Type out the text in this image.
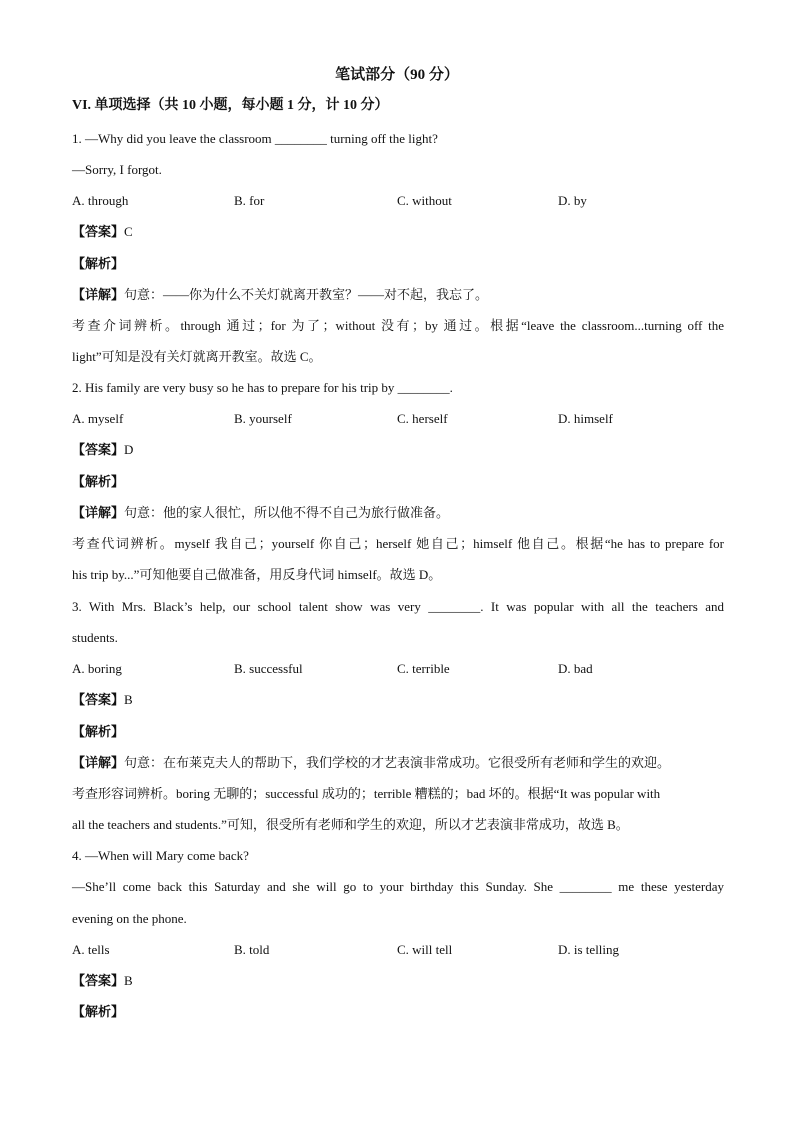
笔试部分（90 分）
VI. 单项选择（共 10 小题，每小题 1 分，计 10 分）
1. —Why did you leave the classroom ________ turning off the light?
—Sorry, I forgot.
A. through	B. for	C. without	D. by
【答案】C
【解析】
【详解】句意：——你为什么不关灯就离开教室？——对不起，我忘了。
考查介词辨析。through 通过；for 为了；without 没有；by 通过。根据“leave the classroom...turning off the
light”可知是没有关灯就离开教室。故选 C。
2. His family are very busy so he has to prepare for his trip by ________.
A. myself	B. yourself	C. herself	D. himself
【答案】D
【解析】
【详解】句意：他的家人很忙，所以他不得不自己为旅行做准备。
考查代词辨析。myself 我自己；yourself 你自己；herself 她自己；himself 他自己。根据“he has to prepare for
his trip by...”可知他要自己做准备，用反身代词 himself。故选 D。
3. With Mrs. Black’s help, our school talent show was very ________. It was popular with all the teachers and
students.
A. boring	B. successful	C. terrible	D. bad
【答案】B
【解析】
【详解】句意：在布莱克夫人的帮助下，我们学校的才艺表演非常成功。它很受所有老师和学生的欢迎。
考查形容词辨析。boring 无聊的；successful 成功的；terrible 糟糕的；bad 坏的。根据“It was popular with
all the teachers and students.”可知，很受所有老师和学生的欢迎，所以才艺表演非常成功，故选 B。
4. —When will Mary come back?
—She’ll come back this Saturday and she will go to your birthday this Sunday. She ________ me these yesterday
evening on the phone.
A. tells	B. told	C. will tell	D. is telling
【答案】B
【解析】
